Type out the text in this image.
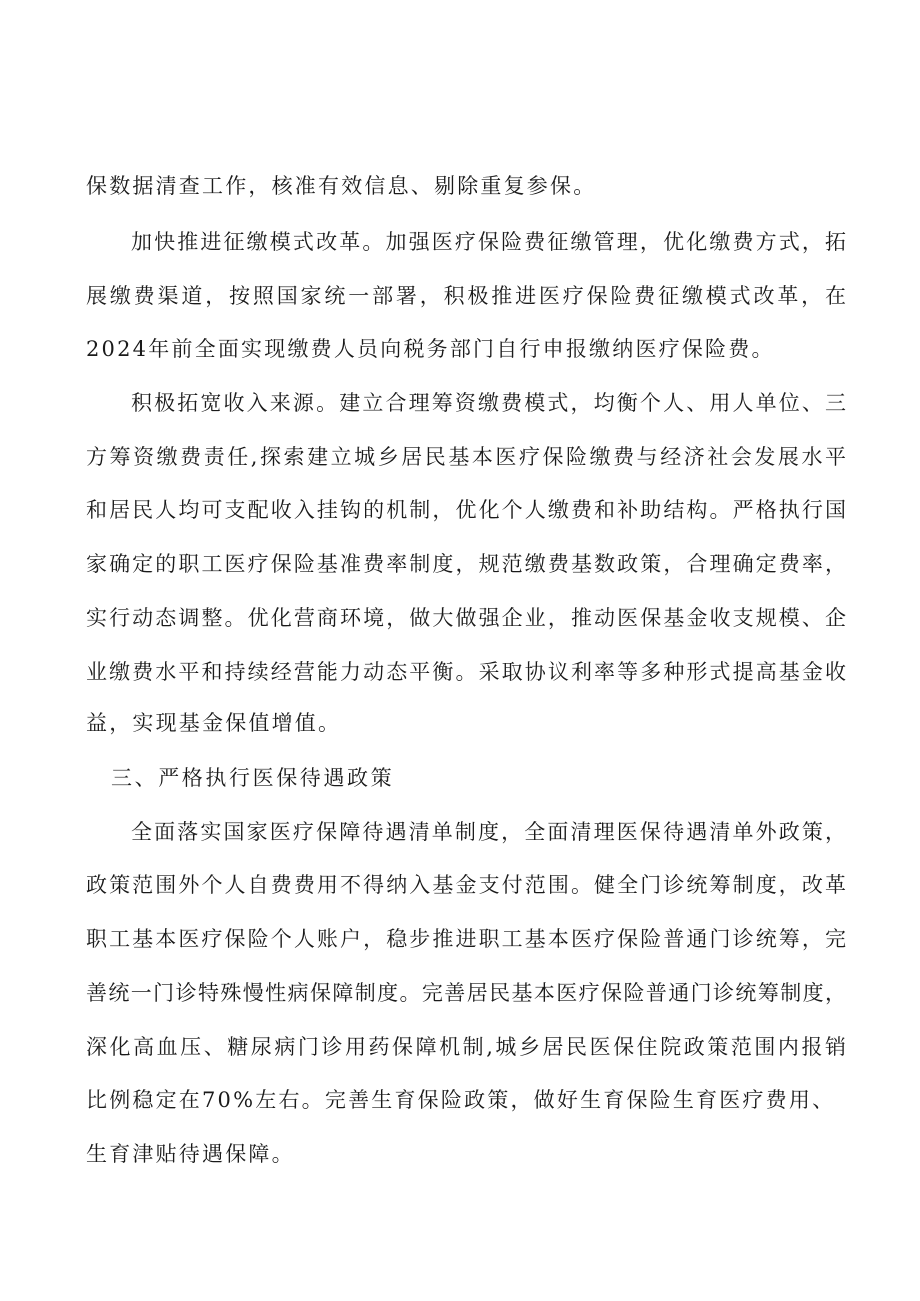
保数据清查工作，核准有效信息、剔除重复参保。
加快推进征缴模式改革。加强医疗保险费征缴管理，优化缴费方式，拓
展缴费渠道，按照国家统一部署，积极推进医疗保险费征缴模式改革，在
2024年前全面实现缴费人员向税务部门自行申报缴纳医疗保险费。
积极拓宽收入来源。建立合理筹资缴费模式，均衡个人、用人单位、三
方筹资缴费责任,探索建立城乡居民基本医疗保险缴费与经济社会发展水平
和居民人均可支配收入挂钩的机制，优化个人缴费和补助结构。严格执行国
家确定的职工医疗保险基准费率制度，规范缴费基数政策，合理确定费率，
实行动态调整。优化营商环境，做大做强企业，推动医保基金收支规模、企
业缴费水平和持续经营能力动态平衡。采取协议利率等多种形式提高基金收
益，实现基金保值增值。
三、严格执行医保待遇政策
全面落实国家医疗保障待遇清单制度，全面清理医保待遇清单外政策，
政策范围外个人自费费用不得纳入基金支付范围。健全门诊统筹制度，改革
职工基本医疗保险个人账户，稳步推进职工基本医疗保险普通门诊统筹，完
善统一门诊特殊慢性病保障制度。完善居民基本医疗保险普通门诊统筹制度，
深化高血压、糖尿病门诊用药保障机制,城乡居民医保住院政策范围内报销
比例稳定在70%左右。完善生育保险政策，做好生育保险生育医疗费用、
生育津贴待遇保障。
